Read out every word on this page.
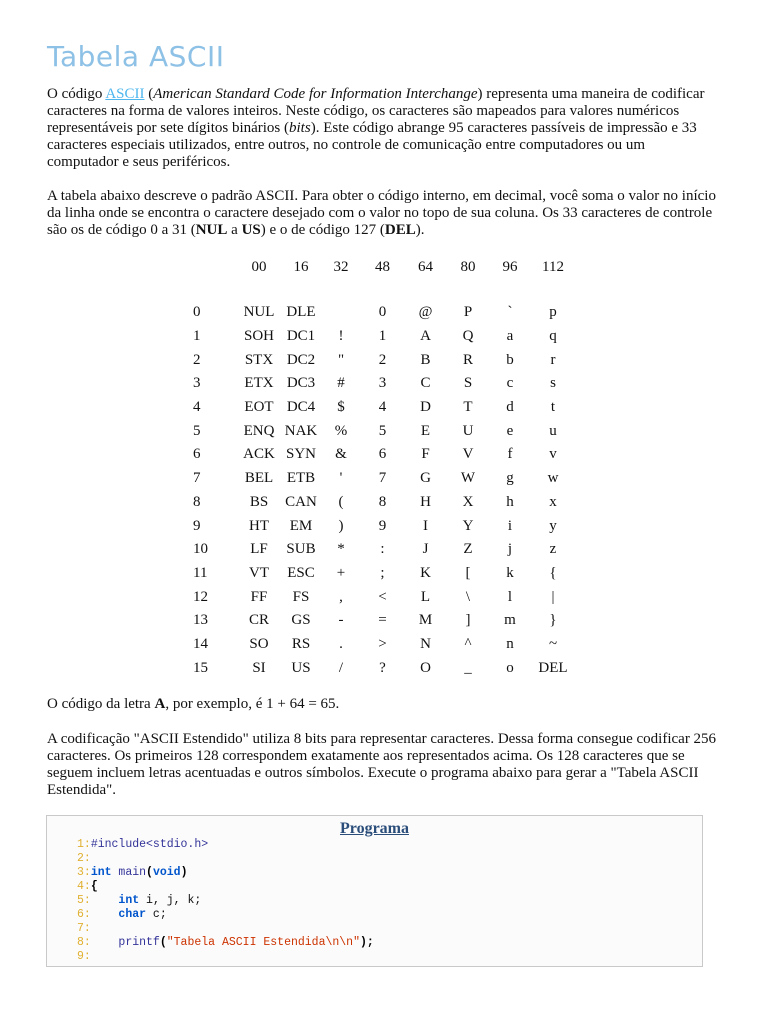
Tabela ASCII

O código ASCII (American Standard Code for Information Interchange) representa uma maneira de codificar caracteres na forma de valores inteiros. Neste código, os caracteres são mapeados para valores numéricos representáveis por sete dígitos binários (bits). Este código abrange 95 caracteres passíveis de impressão e 33 caracteres especiais utilizados, entre outros, no controle de comunicação entre computadores ou um computador e seus periféricos.

A tabela abaixo descreve o padrão ASCII. Para obter o código interno, em decimal, você soma o valor no início da linha onde se encontra o caractere desejado com o valor no topo de sua coluna. Os 33 caracteres de controle são os de código 0 a 31 (NUL a US) e o de código 127 (DEL).

	00	16	32	48	64	80	96	112

0	NUL	DLE		0	@	P	`	p
1	SOH	DC1	!	1	A	Q	a	q
2	STX	DC2	"	2	B	R	b	r
3	ETX	DC3	#	3	C	S	c	s
4	EOT	DC4	$	4	D	T	d	t
5	ENQ	NAK	%	5	E	U	e	u
6	ACK	SYN	&	6	F	V	f	v
7	BEL	ETB	'	7	G	W	g	w
8	BS	CAN	(	8	H	X	h	x
9	HT	EM	)	9	I	Y	i	y
10	LF	SUB	*	:	J	Z	j	z
11	VT	ESC	+	;	K	[	k	{
12	FF	FS	,	<	L	\	l	|
13	CR	GS	-	=	M	]	m	}
14	SO	RS	.	>	N	^	n	~
15	SI	US	/	?	O	_	o	DEL

O código da letra A, por exemplo, é 1 + 64 = 65.

A codificação "ASCII Estendido" utiliza 8 bits para representar caracteres. Dessa forma consegue codificar 256 caracteres. Os primeiros 128 correspondem exatamente aos representados acima. Os 128 caracteres que se seguem incluem letras acentuadas e outros símbolos. Execute o programa abaixo para gerar a "Tabela ASCII Estendida".

Programa
1:#include<stdio.h>
2:
3:int main(void)
4:{
5: int i, j, k;
6: char c;
7:
8: printf("Tabela ASCII Estendida\n\n");
9:
